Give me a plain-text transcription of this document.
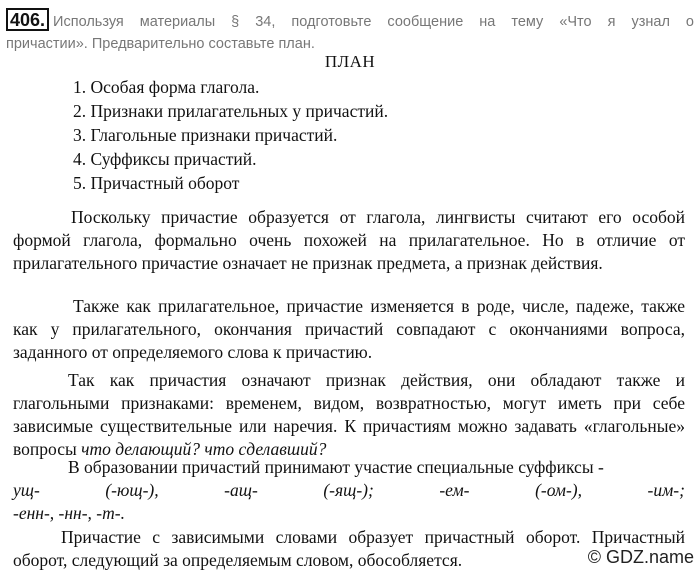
406. Используя материалы § 34, подготовьте сообщение на тему «Что я узнал о
причастии». Предварительно составьте план.
ПЛАН
1. Особая форма глагола.
2. Признаки прилагательных у причастий.
3. Глагольные признаки причастий.
4. Суффиксы причастий.
5. Причастный оборот
Поскольку причастие образуется от глагола, лингвисты считают его особой формой глагола, формально очень похожей на прилагательное. Но в отличие от прилагательного причастие означает не признак предмета, а признак действия.
Также как прилагательное, причастие изменяется в роде, числе, падеже, также как у прилагательного, окончания причастий совпадают с окончаниями вопроса, заданного от определяемого слова к причастию.
Так как причастия означают признак действия, они обладают также и глагольными признаками: временем, видом, возвратностью, могут иметь при себе зависимые существительные или наречия. К причастиям можно задавать «глагольные» вопросы что делающий? что сделавший?
В образовании причастий принимают участие специальные суффиксы -
ущ-	(-ющ-),	-ащ-	(-ящ-);	-ем-	(-ом-),	-им-;
-енн-, -нн-, -т-.
Причастие с зависимыми словами образует причастный оборот. Причастный оборот, следующий за определяемым словом, обособляется.	© GDZ.name
